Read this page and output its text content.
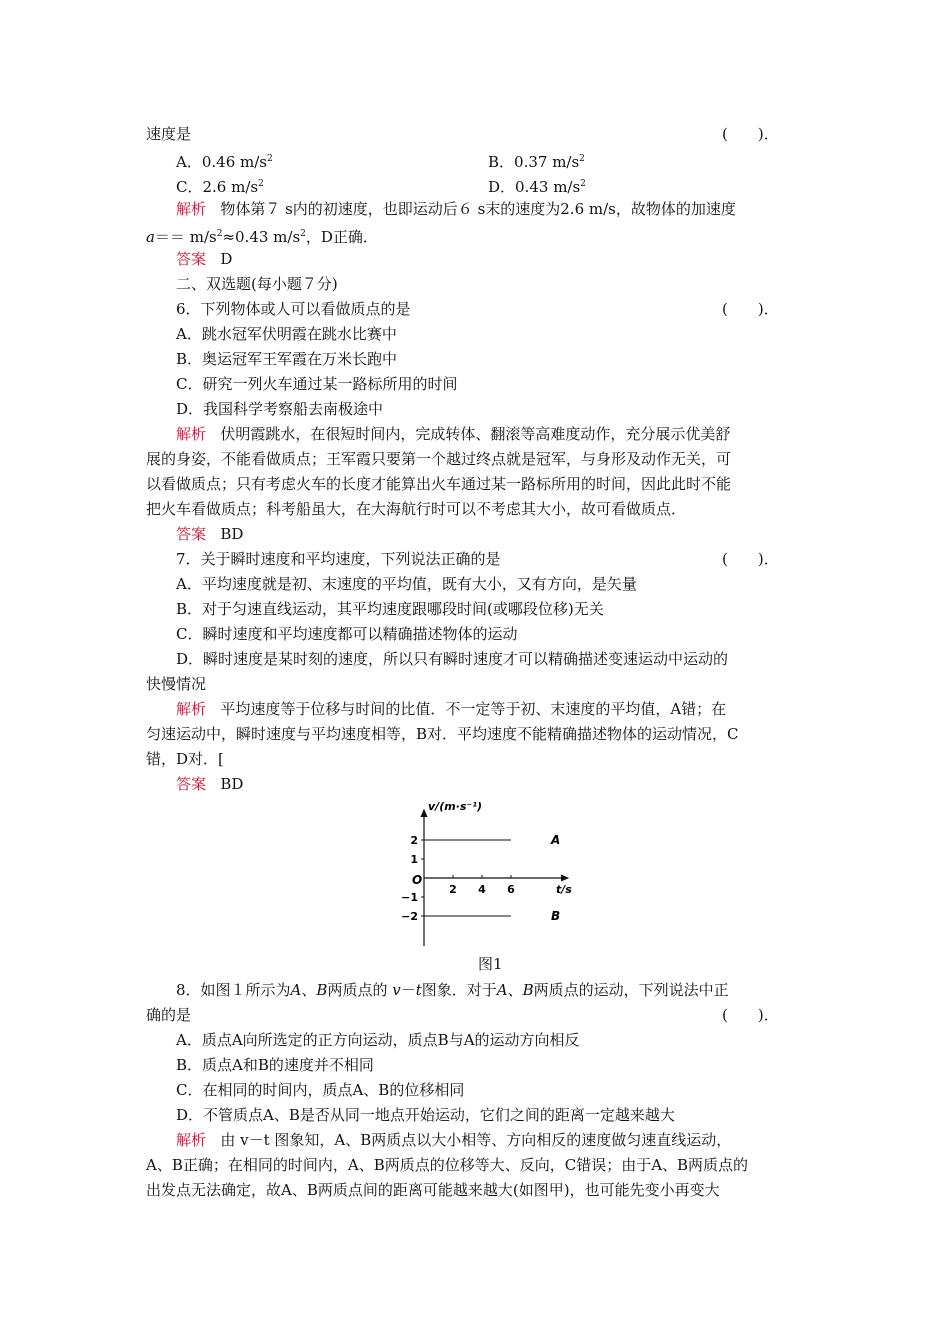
速度是	(　　)．
A．0.46 $m/s^2$	B．0.37 $m/s^2$
C．2.6 $m/s^2$	D．0.43 $m/s^2$
解析 物体第７ s内的初速度，也即运动后６ s末的速度为2.6 m/s，故物体的加速度
$a== m/s^2\approx 0.43$ $m/s^2$，D正确．
答案 D
二、双选题(每小题７分)
6．下列物体或人可以看做质点的是	(　　)．
A．跳水冠军伏明霞在跳水比赛中
B．奥运冠军王军霞在万米长跑中
C．研究一列火车通过某一路标所用的时间
D．我国科学考察船去南极途中
解析 伏明霞跳水，在很短时间内，完成转体、翻滚等高难度动作，充分展示优美舒
展的身姿，不能看做质点；王军霞只要第一个越过终点就是冠军，与身形及动作无关，可
以看做质点；只有考虑火车的长度才能算出火车通过某一路标所用的时间，因此此时不能
把火车看做质点；科考船虽大，在大海航行时可以不考虑其大小，故可看做质点．
答案 BD
7．关于瞬时速度和平均速度，下列说法正确的是	(　　)．
A．平均速度就是初、末速度的平均值，既有大小，又有方向，是矢量
B．对于匀速直线运动，其平均速度跟哪段时间(或哪段位移)无关
C．瞬时速度和平均速度都可以精确描述物体的运动
D．瞬时速度是某时刻的速度，所以只有瞬时速度才可以精确描述变速运动中运动的
快慢情况
解析 平均速度等于位移与时间的比值．不一定等于初、末速度的平均值，A错；在
匀速运动中，瞬时速度与平均速度相等，B对．平均速度不能精确描述物体的运动情况，C
错，D对．[
答案 BD
v/(m·s⁻¹)
t/s
O
2
1
−1
−2
2 4 6
A
B
图1
8．如图１所示为A、B两质点的 v－t图象．对于A、B两质点的运动，下列说法中正
确的是	(　　)．
A．质点A向所选定的正方向运动，质点B与A的运动方向相反
B．质点A和B的速度并不相同
C．在相同的时间内，质点A、B的位移相同
D．不管质点A、B是否从同一地点开始运动，它们之间的距离一定越来越大
解析 由 v－t 图象知，A、B两质点以大小相等、方向相反的速度做匀速直线运动，
A、B正确；在相同的时间内，A、B两质点的位移等大、反向，C错误；由于A、B两质点的
出发点无法确定，故A、B两质点间的距离可能越来越大(如图甲)，也可能先变小再变大
